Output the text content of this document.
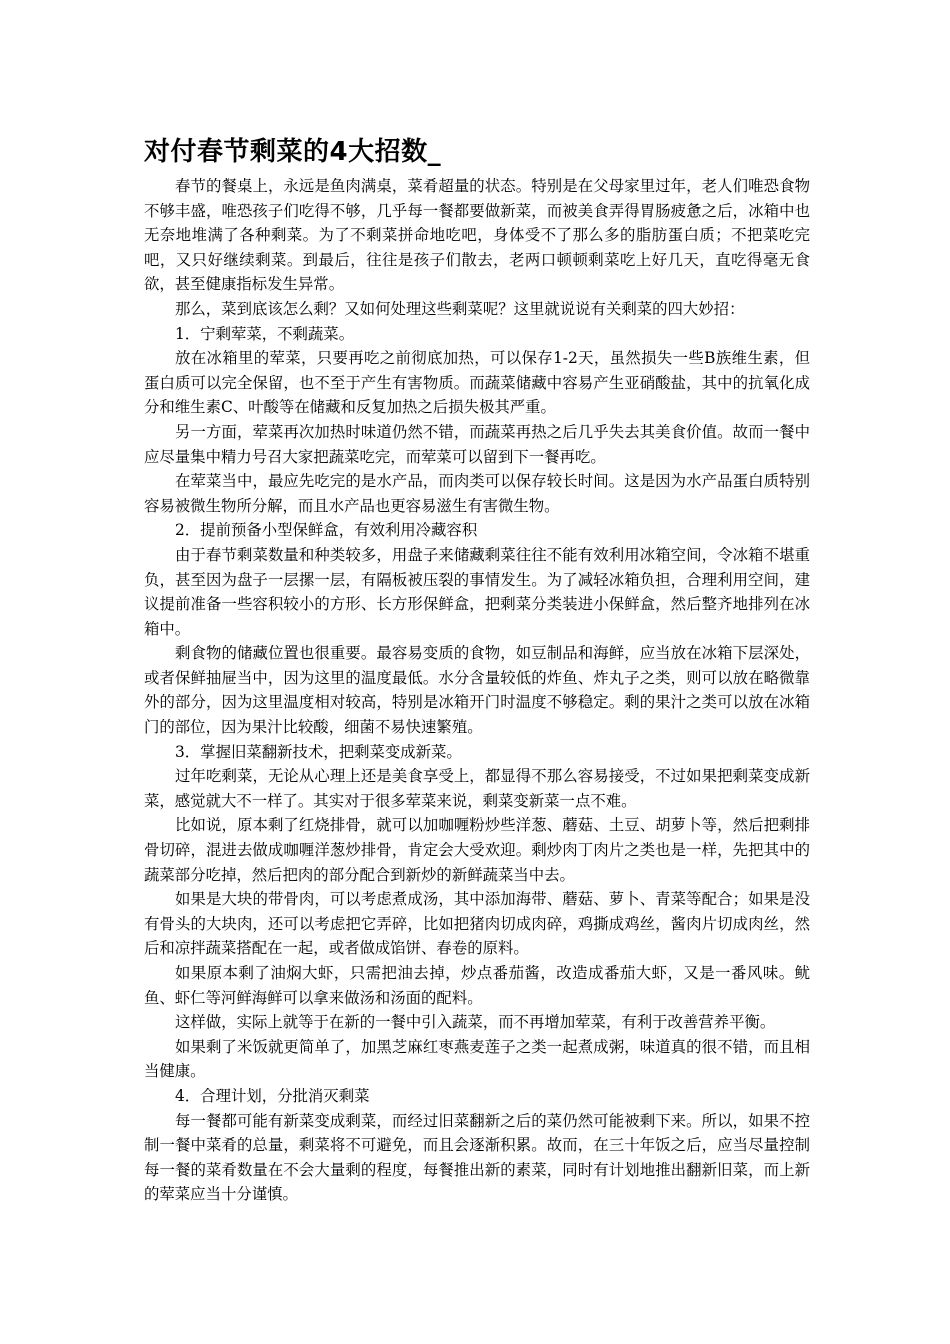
对付春节剩菜的4大招数_

春节的餐桌上，永远是鱼肉满桌，菜肴超量的状态。特别是在父母家里过年，老人们唯恐食物不够丰盛，唯恐孩子们吃得不够，几乎每一餐都要做新菜，而被美食弄得胃肠疲惫之后，冰箱中也无奈地堆满了各种剩菜。为了不剩菜拼命地吃吧，身体受不了那么多的脂肪蛋白质；不把菜吃完吧，又只好继续剩菜。到最后，往往是孩子们散去，老两口顿顿剩菜吃上好几天，直吃得毫无食欲，甚至健康指标发生异常。

那么，菜到底该怎么剩？又如何处理这些剩菜呢？这里就说说有关剩菜的四大妙招：

1．宁剩荤菜，不剩蔬菜。

放在冰箱里的荤菜，只要再吃之前彻底加热，可以保存1-2天，虽然损失一些B族维生素，但蛋白质可以完全保留，也不至于产生有害物质。而蔬菜储藏中容易产生亚硝酸盐，其中的抗氧化成分和维生素C、叶酸等在储藏和反复加热之后损失极其严重。

另一方面，荤菜再次加热时味道仍然不错，而蔬菜再热之后几乎失去其美食价值。故而一餐中应尽量集中精力号召大家把蔬菜吃完，而荤菜可以留到下一餐再吃。

在荤菜当中，最应先吃完的是水产品，而肉类可以保存较长时间。这是因为水产品蛋白质特别容易被微生物所分解，而且水产品也更容易滋生有害微生物。

2．提前预备小型保鲜盒，有效利用冷藏容积

由于春节剩菜数量和种类较多，用盘子来储藏剩菜往往不能有效利用冰箱空间，令冰箱不堪重负，甚至因为盘子一层摞一层，有隔板被压裂的事情发生。为了减轻冰箱负担，合理利用空间，建议提前准备一些容积较小的方形、长方形保鲜盒，把剩菜分类装进小保鲜盒，然后整齐地排列在冰箱中。

剩食物的储藏位置也很重要。最容易变质的食物，如豆制品和海鲜，应当放在冰箱下层深处，或者保鲜抽屉当中，因为这里的温度最低。水分含量较低的炸鱼、炸丸子之类，则可以放在略微靠外的部分，因为这里温度相对较高，特别是冰箱开门时温度不够稳定。剩的果汁之类可以放在冰箱门的部位，因为果汁比较酸，细菌不易快速繁殖。

3．掌握旧菜翻新技术，把剩菜变成新菜。

过年吃剩菜，无论从心理上还是美食享受上，都显得不那么容易接受，不过如果把剩菜变成新菜，感觉就大不一样了。其实对于很多荤菜来说，剩菜变新菜一点不难。

比如说，原本剩了红烧排骨，就可以加咖喱粉炒些洋葱、蘑菇、土豆、胡萝卜等，然后把剩排骨切碎，混进去做成咖喱洋葱炒排骨，肯定会大受欢迎。剩炒肉丁肉片之类也是一样，先把其中的蔬菜部分吃掉，然后把肉的部分配合到新炒的新鲜蔬菜当中去。

如果是大块的带骨肉，可以考虑煮成汤，其中添加海带、蘑菇、萝卜、青菜等配合；如果是没有骨头的大块肉，还可以考虑把它弄碎，比如把猪肉切成肉碎，鸡撕成鸡丝，酱肉片切成肉丝，然后和凉拌蔬菜搭配在一起，或者做成馅饼、春卷的原料。

如果原本剩了油焖大虾，只需把油去掉，炒点番茄酱，改造成番茄大虾，又是一番风味。鱿鱼、虾仁等河鲜海鲜可以拿来做汤和汤面的配料。

这样做，实际上就等于在新的一餐中引入蔬菜，而不再增加荤菜，有利于改善营养平衡。

如果剩了米饭就更简单了，加黑芝麻红枣燕麦莲子之类一起煮成粥，味道真的很不错，而且相当健康。

4．合理计划，分批消灭剩菜

每一餐都可能有新菜变成剩菜，而经过旧菜翻新之后的菜仍然可能被剩下来。所以，如果不控制一餐中菜肴的总量，剩菜将不可避免，而且会逐渐积累。故而，在三十年饭之后，应当尽量控制每一餐的菜肴数量在不会大量剩的程度，每餐推出新的素菜，同时有计划地推出翻新旧菜，而上新的荤菜应当十分谨慎。
